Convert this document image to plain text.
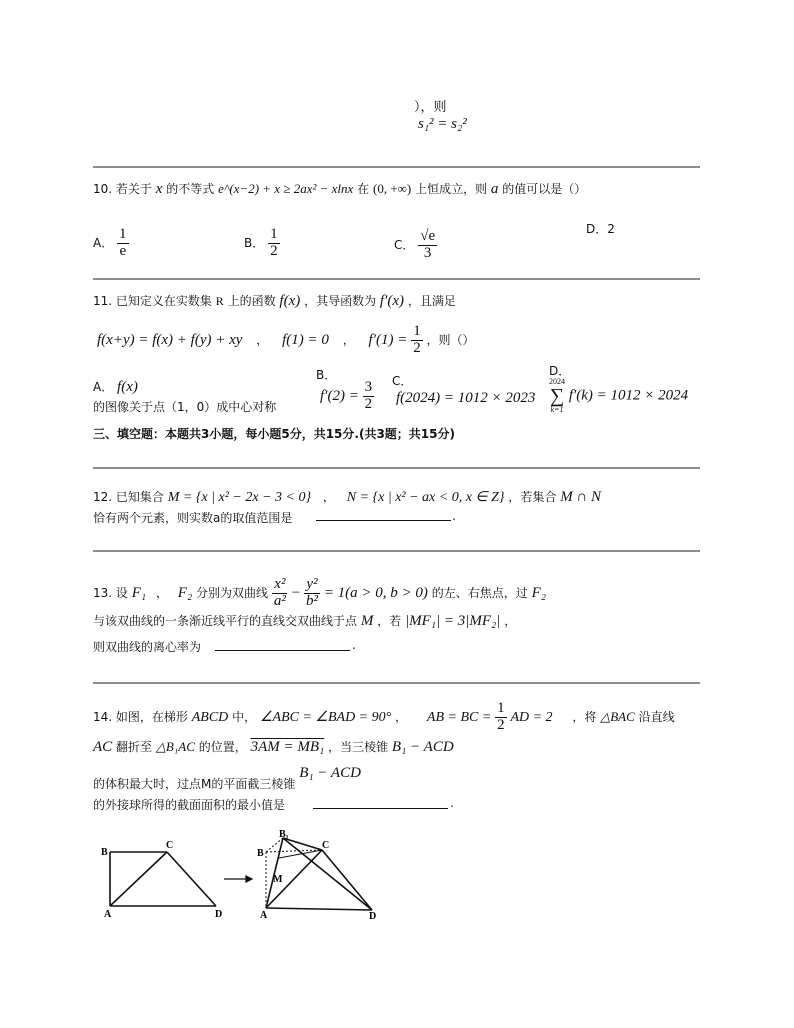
），则
s₁² = s₂²
10. 若关于 x 的不等式 e^(x−2) + x ≥ 2ax² − xlnx 在 (0, +∞) 上恒成立，则 a 的值可以是（）
A． $\frac{1}{e}$	B． $\frac{1}{2}$	C． $\frac{√e}{3}$
D．2
11. 已知定义在实数集 R 上的函数 f(x) ，其导函数为 f′(x) ，且满足
f(x+y) = f(x) + f(y) + xy ， f(1) = 0 ， $f'(1) = \frac{1}{2}$ ，则（）
A． f(x)
的图像关于点（1，0）成中心对称
B．
$f'(2) = \frac{3}{2}$ C．
f(2024) = 1012 × 2023
D．
2024
∑
k=1
f′(k) = 1012 × 2024
三、填空题：本题共3小题，每小题5分，共15分.(共3题；共15分)
12. 已知集合 M = {x | x² − 2x − 3 < 0} ， N = {x | x² − ax < 0, x ∈ Z} ，若集合 M ∩ N
恰有两个元素，则实数a的取值范围是	.
13. 设 F₁ ， F₂ 分别为双曲线 $\frac{\text{x²}}{\text{a²}} - \frac{\text{y²}}{\text{b²}} = 1(a > 0$, b > 0) 的左、右焦点，过 F₂
与该双曲线的一条渐近线平行的直线交双曲线于点 M ，若 |MF₁| = 3|MF₂| ，
则双曲线的离心率为	.
14. 如图，在梯形 ABCD 中， ∠ABC = ∠BAD = 90° ， AB = BC = $\frac{1}{2}$ AD = 2 ，将 △BAC 沿直线
AC 翻折至 △B₁AC 的位置， 3AM = MB₁ ，当三棱锥 B₁ − ACD
的体积最大时，过点M的平面截三棱锥 B₁ − ACD
的外接球所得的截面面积的最小值是	.
B
C
A	D
B₁
B
C
M
A	D
